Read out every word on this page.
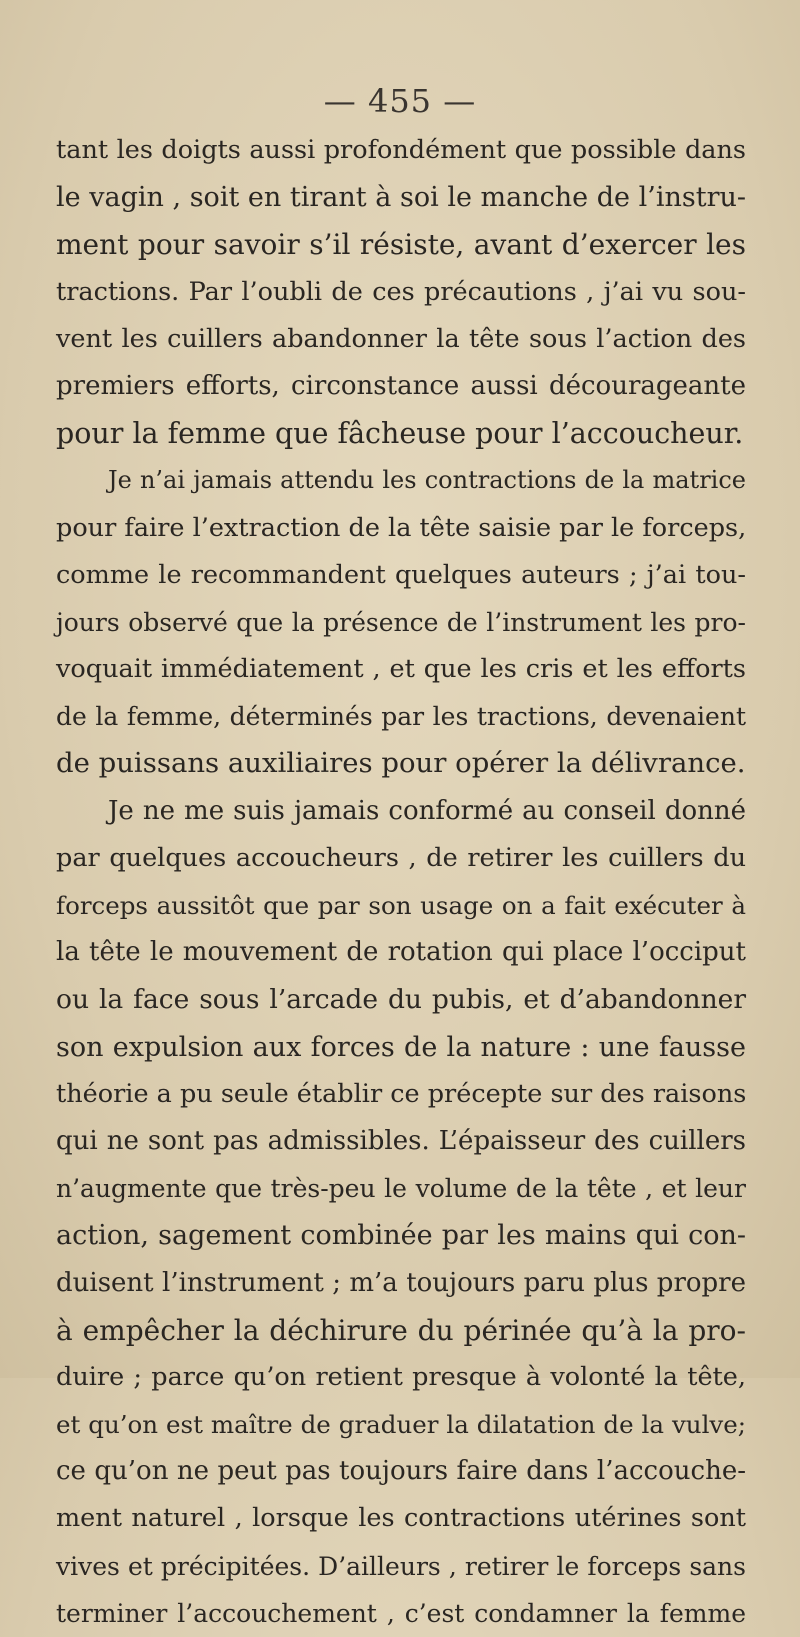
— 455 —
tant les doigts aussi profondément que possible dans
le vagin , soit en tirant à soi le manche de l’instru-
ment pour savoir s’il résiste, avant d’exercer les
tractions. Par l’oubli de ces précautions , j’ai vu sou-
vent les cuillers abandonner la tête sous l’action des
premiers efforts, circonstance aussi décourageante
pour la femme que fâcheuse pour l’accoucheur.
Je n’ai jamais attendu les contractions de la matrice
pour faire l’extraction de la tête saisie par le forceps,
comme le recommandent quelques auteurs ; j’ai tou-
jours observé que la présence de l’instrument les pro-
voquait immédiatement , et que les cris et les efforts
de la femme, déterminés par les tractions, devenaient
de puissans auxiliaires pour opérer la délivrance.
Je ne me suis jamais conformé au conseil donné
par quelques accoucheurs , de retirer les cuillers du
forceps aussitôt que par son usage on a fait exécuter à
la tête le mouvement de rotation qui place l’occiput
ou la face sous l’arcade du pubis, et d’abandonner
son expulsion aux forces de la nature : une fausse
théorie a pu seule établir ce précepte sur des raisons
qui ne sont pas admissibles. L’épaisseur des cuillers
n’augmente que très-peu le volume de la tête , et leur
action, sagement combinée par les mains qui con-
duisent l’instrument ; m’a toujours paru plus propre
à empêcher la déchirure du périnée qu’à la pro-
duire ; parce qu’on retient presque à volonté la tête,
et qu’on est maître de graduer la dilatation de la vulve;
ce qu’on ne peut pas toujours faire dans l’accouche-
ment naturel , lorsque les contractions utérines sont
vives et précipitées. D’ailleurs , retirer le forceps sans
terminer l’accouchement , c’est condamner la femme
